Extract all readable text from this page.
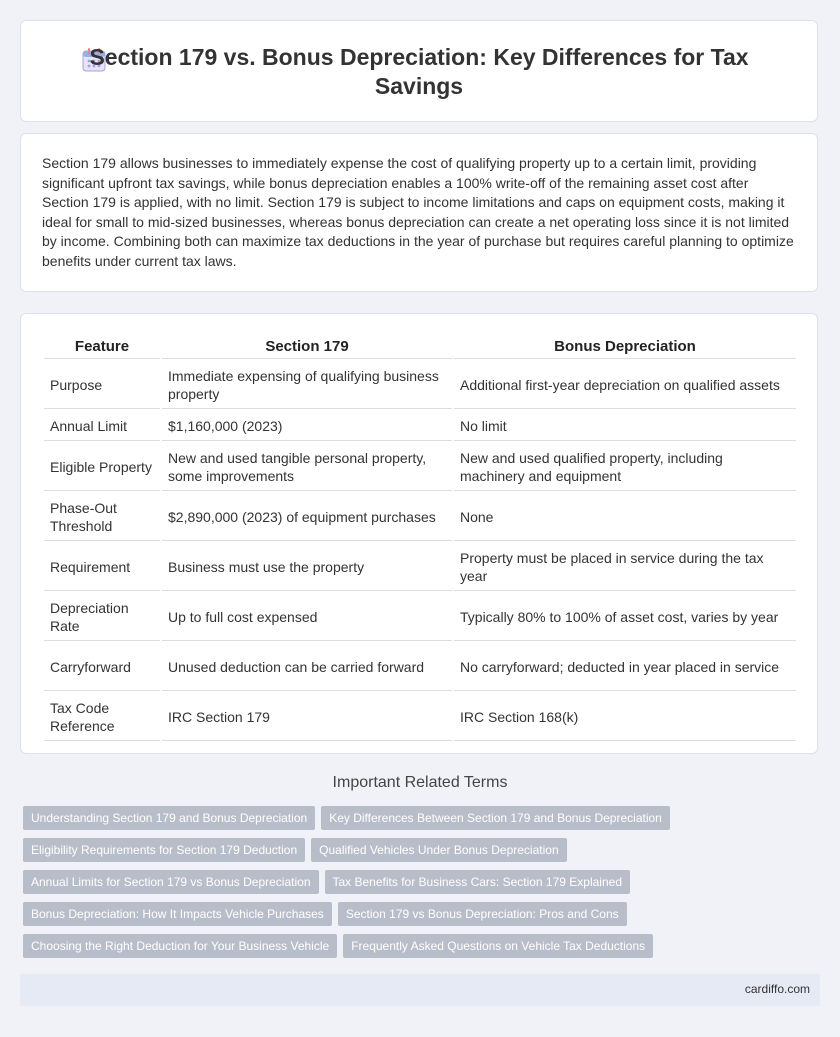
Section 179 vs. Bonus Depreciation: Key Differences for Tax Savings

Section 179 allows businesses to immediately expense the cost of qualifying property up to a certain limit, providing significant upfront tax savings, while bonus depreciation enables a 100% write-off of the remaining asset cost after Section 179 is applied, with no limit. Section 179 is subject to income limitations and caps on equipment costs, making it ideal for small to mid-sized businesses, whereas bonus depreciation can create a net operating loss since it is not limited by income. Combining both can maximize tax deductions in the year of purchase but requires careful planning to optimize benefits under current tax laws.

Feature	Section 179	Bonus Depreciation
Purpose	Immediate expensing of qualifying business property	Additional first-year depreciation on qualified assets
Annual Limit	$1,160,000 (2023)	No limit
Eligible Property	New and used tangible personal property, some improvements	New and used qualified property, including machinery and equipment
Phase-Out Threshold	$2,890,000 (2023) of equipment purchases	None
Requirement	Business must use the property	Property must be placed in service during the tax year
Depreciation Rate	Up to full cost expensed	Typically 80% to 100% of asset cost, varies by year
Carryforward	Unused deduction can be carried forward	No carryforward; deducted in year placed in service
Tax Code Reference	IRC Section 179	IRC Section 168(k)
Important Related Terms
Understanding Section 179 and Bonus Depreciation Key Differences Between Section 179 and Bonus Depreciation
Eligibility Requirements for Section 179 Deduction Qualified Vehicles Under Bonus Depreciation
Annual Limits for Section 179 vs Bonus Depreciation Tax Benefits for Business Cars: Section 179 Explained
Bonus Depreciation: How It Impacts Vehicle Purchases Section 179 vs Bonus Depreciation: Pros and Cons
Choosing the Right Deduction for Your Business Vehicle Frequently Asked Questions on Vehicle Tax Deductions
cardiffo.com
